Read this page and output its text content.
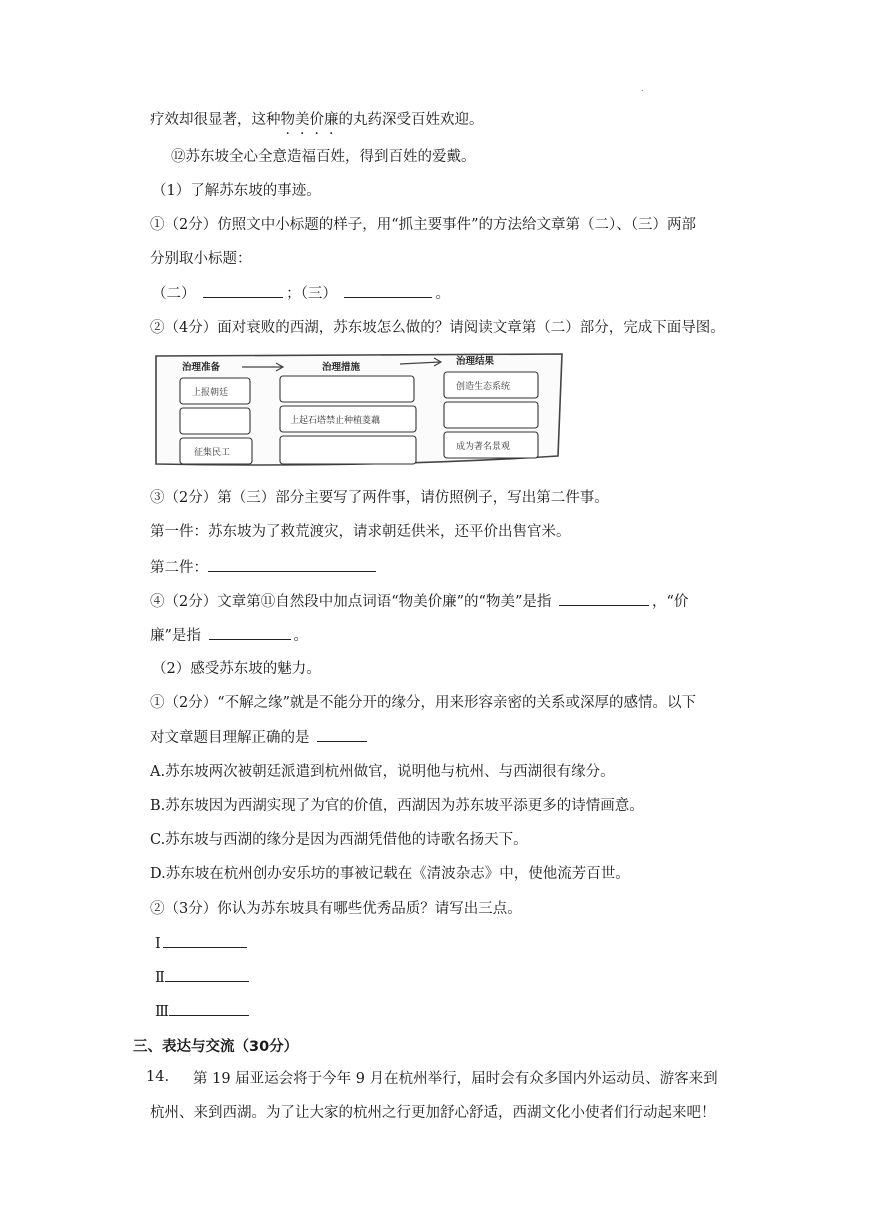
.
疗效却很显著，这种物美价廉的丸药深受百姓欢迎。
⑫苏东坡全心全意造福百姓，得到百姓的爱戴。
（1）了解苏东坡的事迹。
①（2分）仿照文中小标题的样子，用“抓主要事件”的方法给文章第（二）、（三）两部
分别取小标题：
（二）	；（三）	。
②（4分）面对衰败的西湖，苏东坡怎么做的？请阅读文章第（二）部分，完成下面导图。
治理准备	治理措施
治理结果
上报朝廷
征集民工
上起石塔禁止种植菱藕
创造生态系统
成为著名景观
③（2分）第（三）部分主要写了两件事，请仿照例子，写出第二件事。
第一件：苏东坡为了救荒渡灾，请求朝廷供米，还平价出售官米。
第二件：
④（2分）文章第⑪自然段中加点词语“物美价廉”的“物美”是指	，“价
廉”是指	。
（2）感受苏东坡的魅力。
①（2分）“不解之缘”就是不能分开的缘分，用来形容亲密的关系或深厚的感情。以下
对文章题目理解正确的是
A.苏东坡两次被朝廷派遣到杭州做官，说明他与杭州、与西湖很有缘分。
B.苏东坡因为西湖实现了为官的价值，西湖因为苏东坡平添更多的诗情画意。
C.苏东坡与西湖的缘分是因为西湖凭借他的诗歌名扬天下。
D.苏东坡在杭州创办安乐坊的事被记载在《清波杂志》中，使他流芳百世。
②（3分）你认为苏东坡具有哪些优秀品质？请写出三点。
Ⅰ
Ⅱ
Ⅲ
三、表达与交流（30分）
14. 第 19 届亚运会将于今年 9 月在杭州举行，届时会有众多国内外运动员、游客来到
杭州、来到西湖。为了让大家的杭州之行更加舒心舒适，西湖文化小使者们行动起来吧！
